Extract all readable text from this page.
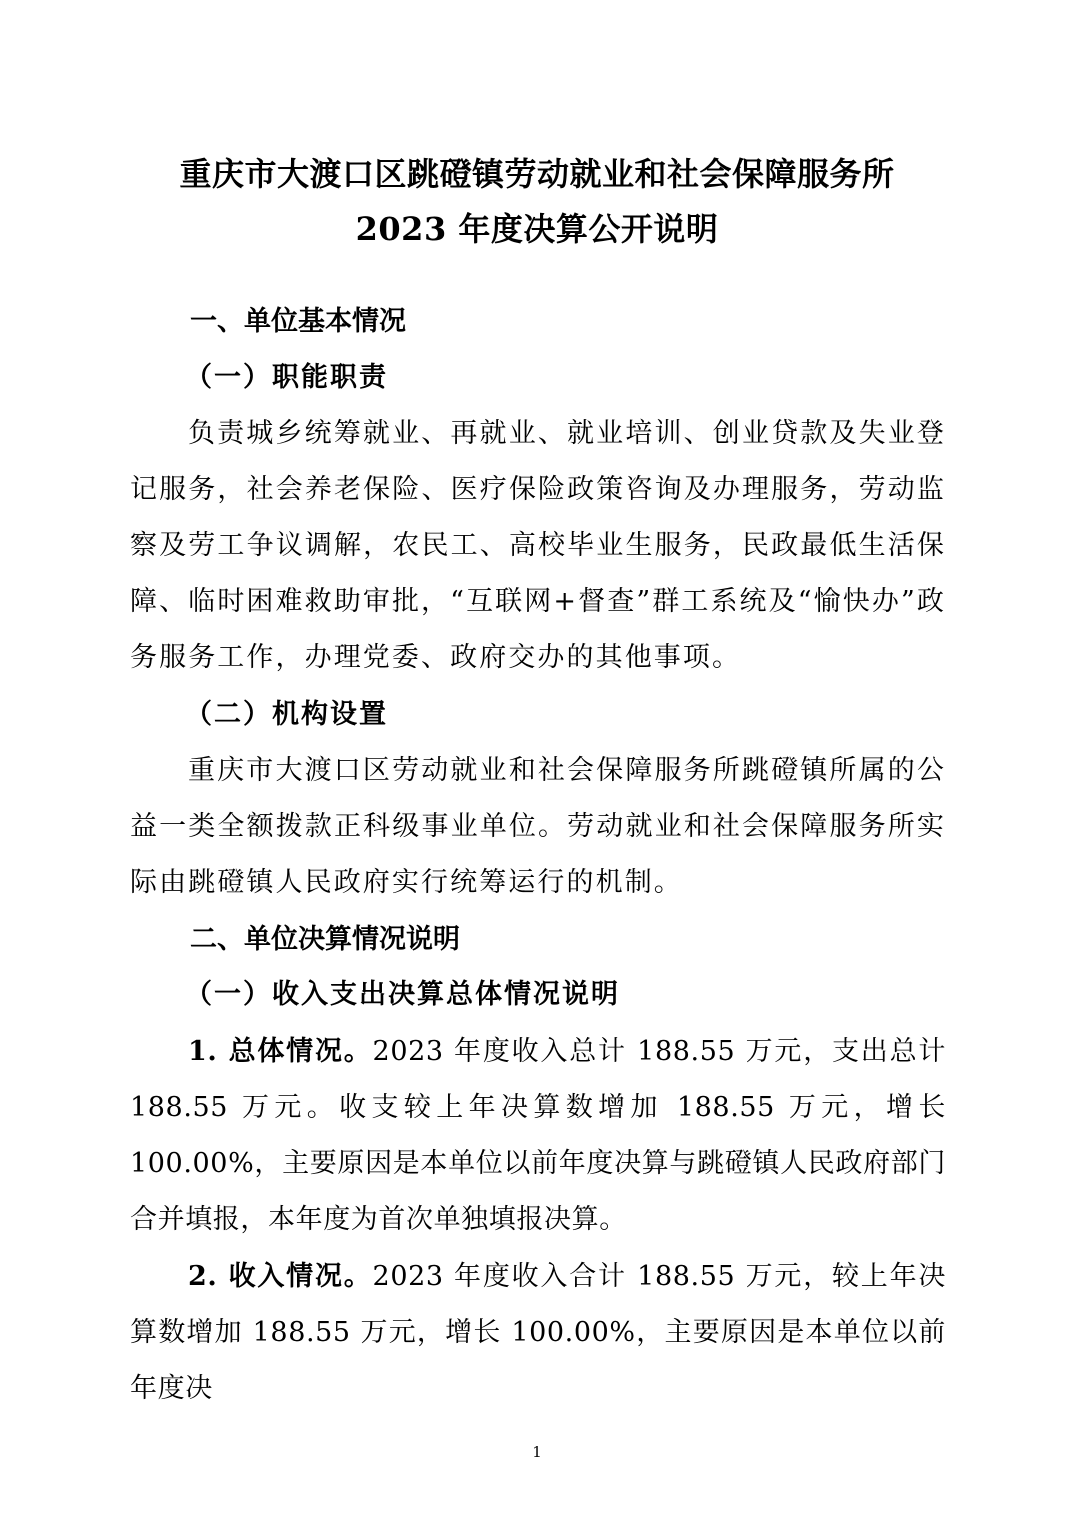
重庆市大渡口区跳磴镇劳动就业和社会保障服务所
2023 年度决算公开说明
一、单位基本情况
（一）职能职责
负责城乡统筹就业、再就业、就业培训、创业贷款及失业登记服务，社会养老保险、医疗保险政策咨询及办理服务，劳动监察及劳工争议调解，农民工、高校毕业生服务，民政最低生活保障、临时困难救助审批，“互联网+督查”群工系统及“愉快办”政务服务工作，办理党委、政府交办的其他事项。
（二）机构设置
重庆市大渡口区劳动就业和社会保障服务所跳磴镇所属的公益一类全额拨款正科级事业单位。劳动就业和社会保障服务所实际由跳磴镇人民政府实行统筹运行的机制。
二、单位决算情况说明
（一）收入支出决算总体情况说明
1. 总体情况。2023 年度收入总计 188.55 万元，支出总计 188.55 万元。收支较上年决算数增加 188.55 万元，增长 100.00%，主要原因是本单位以前年度决算与跳磴镇人民政府部门合并填报，本年度为首次单独填报决算。
2. 收入情况。2023 年度收入合计 188.55 万元，较上年决算数增加 188.55 万元，增长 100.00%，主要原因是本单位以前年度决
1
